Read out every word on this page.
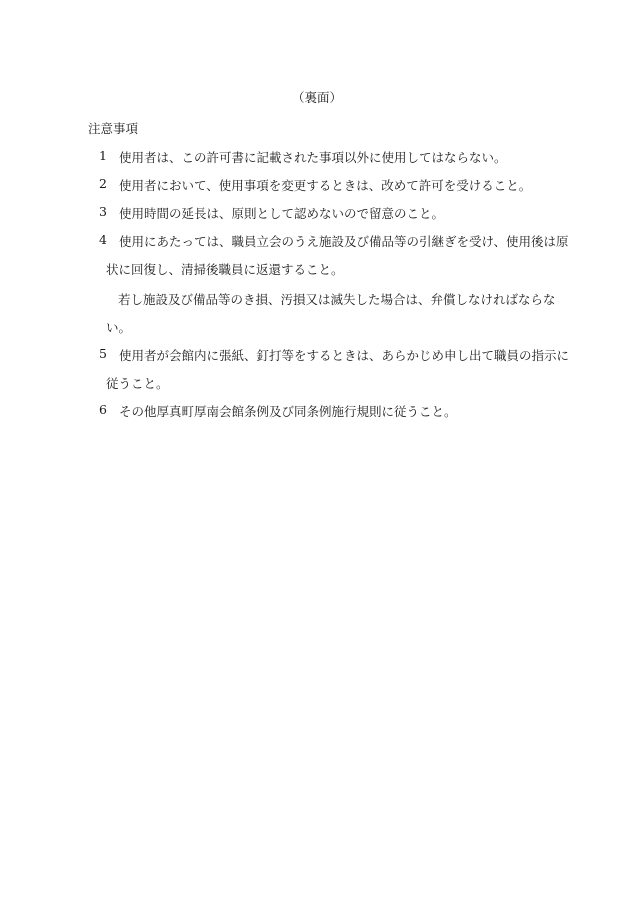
（裏面）
注意事項
1 使用者は、この許可書に記載された事項以外に使用してはならない。
2 使用者において、使用事項を変更するときは、改めて許可を受けること。
3 使用時間の延長は、原則として認めないので留意のこと。
4 使用にあたっては、職員立会のうえ施設及び備品等の引継ぎを受け、使用後は原
状に回復し、清掃後職員に返還すること。
若し施設及び備品等のき損、汚損又は滅失した場合は、弁償しなければならな
い。
5 使用者が会館内に張紙、釘打等をするときは、あらかじめ申し出て職員の指示に
従うこと。
6 その他厚真町厚南会館条例及び同条例施行規則に従うこと。
